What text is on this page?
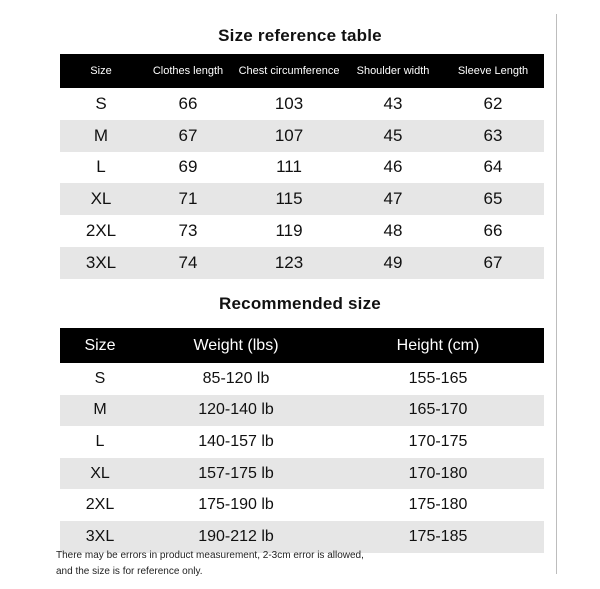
Size reference table
Size	Clothes length	Chest circumference	Shoulder width	Sleeve Length
S	66	103	43	62
M	67	107	45	63
L	69	111	46	64
XL	71	115	47	65
2XL	73	119	48	66
3XL	74	123	49	67
Recommended size
Size	Weight (lbs)	Height (cm)
S	85-120 lb	155-165
M	120-140 lb	165-170
L	140-157 lb	170-175
XL	157-175 lb	170-180
2XL	175-190 lb	175-180
3XL	190-212 lb	175-185
There may be errors in product measurement, 2-3cm error is allowed,
and the size is for reference only.
